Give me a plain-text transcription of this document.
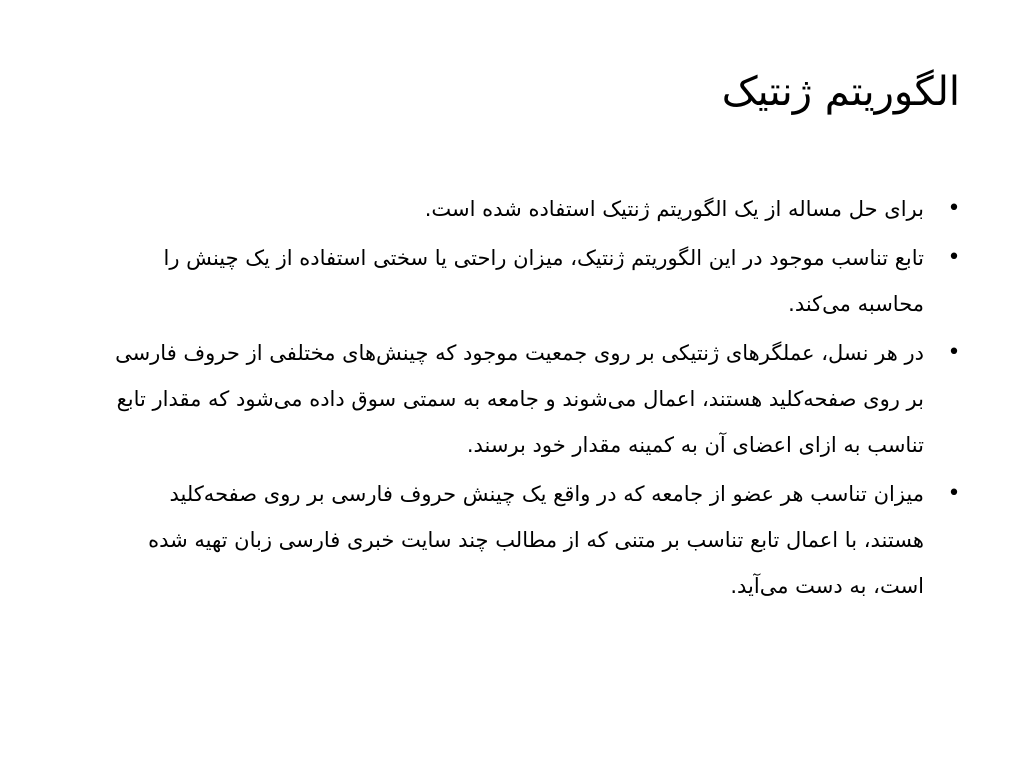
الگوریتم ژنتیک
•
برای حل مساله از یک الگوریتم ژنتیک استفاده شده است.
•
تابع تناسب موجود در این الگوریتم ژنتیک، میزان راحتی یا سختی استفاده از یک چینش را محاسبه می‌کند.
•
در هر نسل، عملگرهای ژنتیکی بر روی جمعیت موجود که چینش‌های مختلفی از حروف فارسی بر روی صفحه‌کلید هستند، اعمال می‌شوند و جامعه به سمتی سوق داده می‌شود که مقدار تابع تناسب به ازای اعضای آن به کمینه مقدار خود برسند.
•
میزان تناسب هر عضو از جامعه که در واقع یک چینش حروف فارسی بر روی صفحه‌کلید هستند، با اعمال تابع تناسب بر متنی که از مطالب چند سایت خبری فارسی زبان تهیه شده است، به دست می‌آید.
